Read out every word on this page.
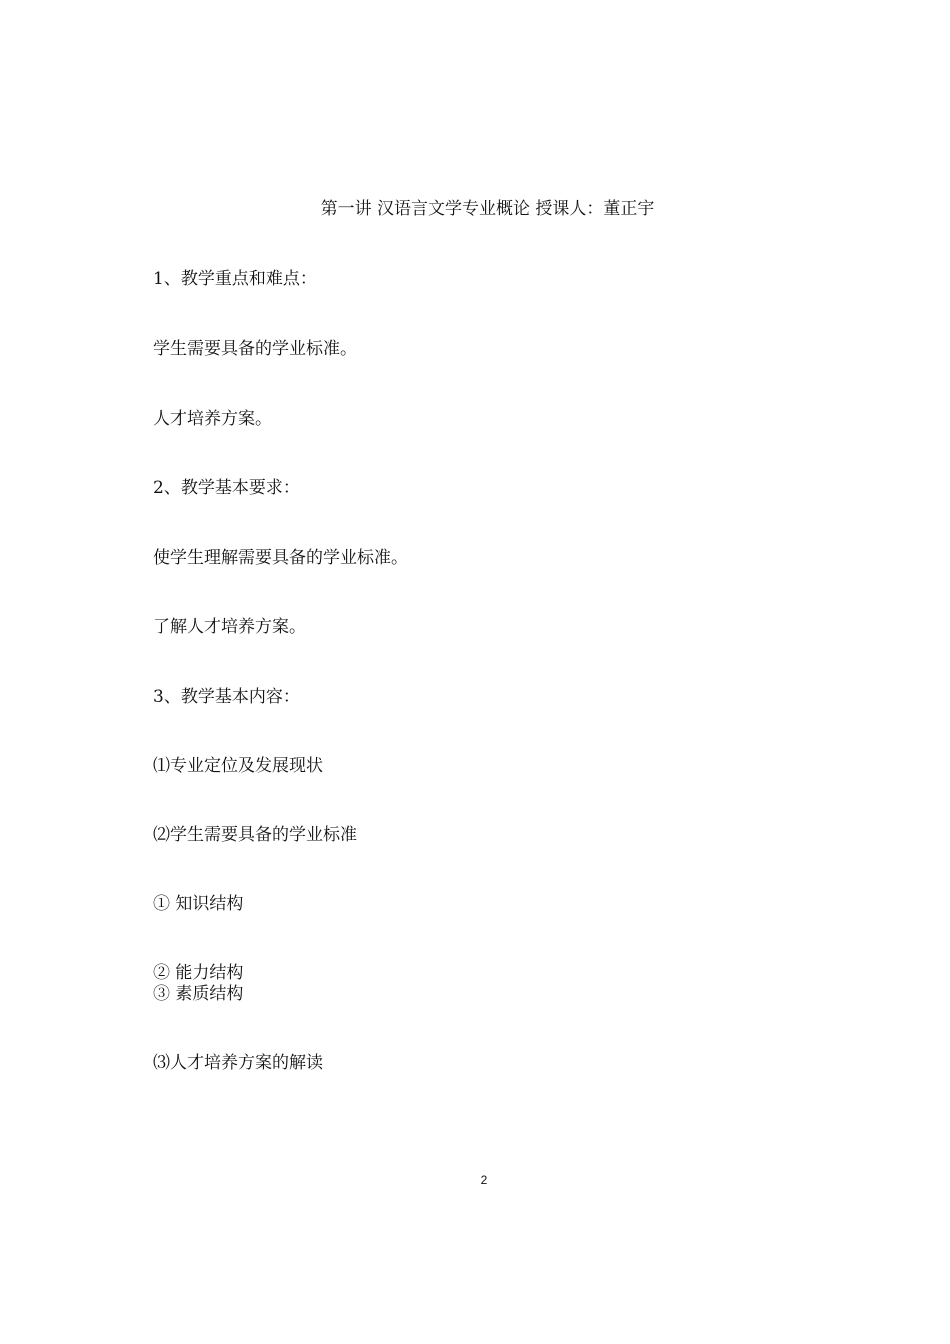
第一讲 汉语言文学专业概论 授课人：董正宇
1、教学重点和难点：
学生需要具备的学业标准。
人才培养方案。
2、教学基本要求：
使学生理解需要具备的学业标准。
了解人才培养方案。
3、教学基本内容：
⑴专业定位及发展现状
⑵学生需要具备的学业标准
① 知识结构
② 能力结构
③ 素质结构
⑶人才培养方案的解读
2
